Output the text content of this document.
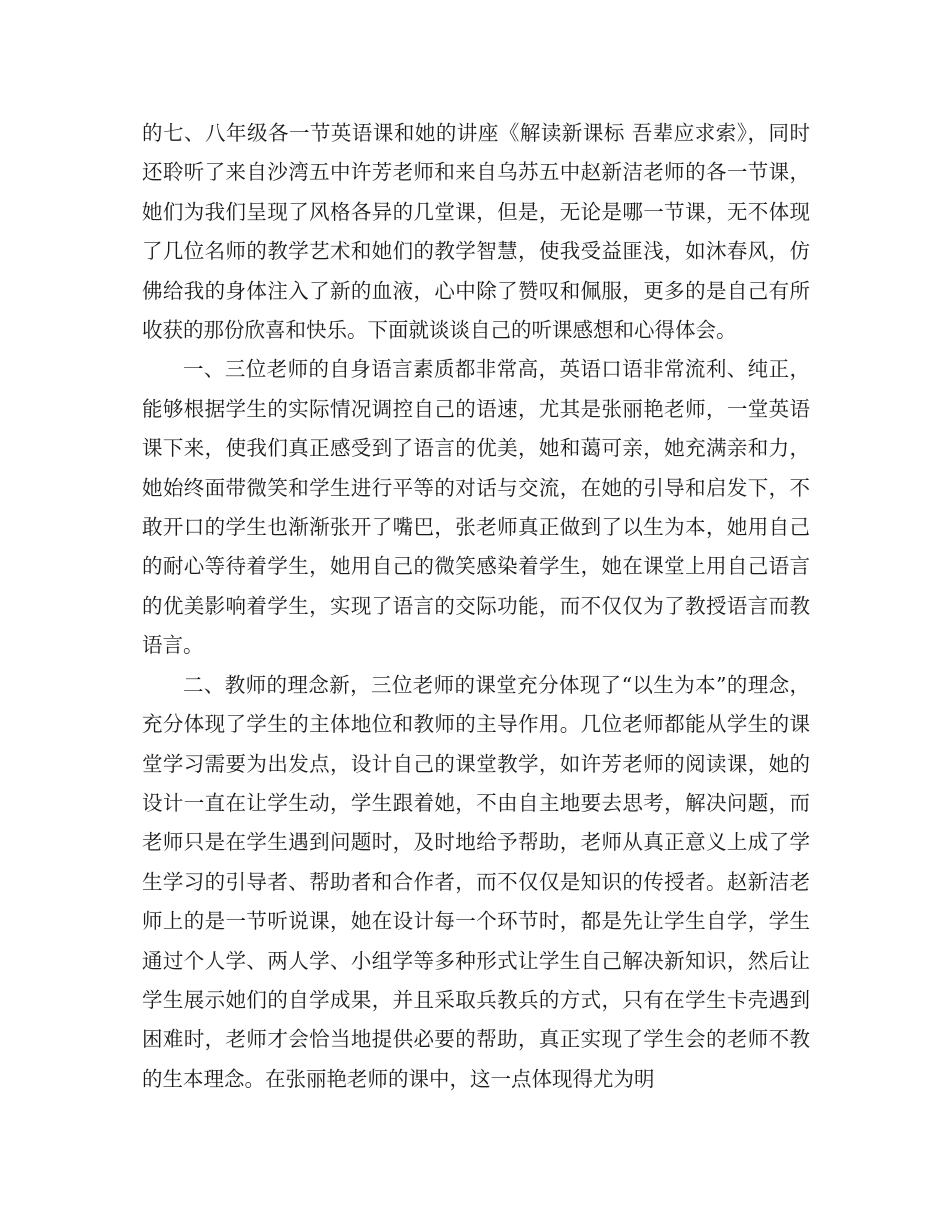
的七、八年级各一节英语课和她的讲座《解读新课标 吾辈应求索》，同时还聆听了来自沙湾五中许芳老师和来自乌苏五中赵新洁老师的各一节课，她们为我们呈现了风格各异的几堂课，但是，无论是哪一节课，无不体现了几位名师的教学艺术和她们的教学智慧，使我受益匪浅，如沐春风，仿佛给我的身体注入了新的血液，心中除了赞叹和佩服，更多的是自己有所收获的那份欣喜和快乐。下面就谈谈自己的听课感想和心得体会。

一、三位老师的自身语言素质都非常高，英语口语非常流利、纯正，能够根据学生的实际情况调控自己的语速，尤其是张丽艳老师，一堂英语课下来，使我们真正感受到了语言的优美，她和蔼可亲，她充满亲和力，她始终面带微笑和学生进行平等的对话与交流，在她的引导和启发下，不敢开口的学生也渐渐张开了嘴巴，张老师真正做到了以生为本，她用自己的耐心等待着学生，她用自己的微笑感染着学生，她在课堂上用自己语言的优美影响着学生，实现了语言的交际功能，而不仅仅为了教授语言而教语言。

二、教师的理念新，三位老师的课堂充分体现了“以生为本”的理念，充分体现了学生的主体地位和教师的主导作用。几位老师都能从学生的课堂学习需要为出发点，设计自己的课堂教学，如许芳老师的阅读课，她的设计一直在让学生动，学生跟着她，不由自主地要去思考，解决问题，而老师只是在学生遇到问题时，及时地给予帮助，老师从真正意义上成了学生学习的引导者、帮助者和合作者，而不仅仅是知识的传授者。赵新洁老师上的是一节听说课，她在设计每一个环节时，都是先让学生自学，学生通过个人学、两人学、小组学等多种形式让学生自己解决新知识，然后让学生展示她们的自学成果，并且采取兵教兵的方式，只有在学生卡壳遇到困难时，老师才会恰当地提供必要的帮助，真正实现了学生会的老师不教的生本理念。在张丽艳老师的课中，这一点体现得尤为明
